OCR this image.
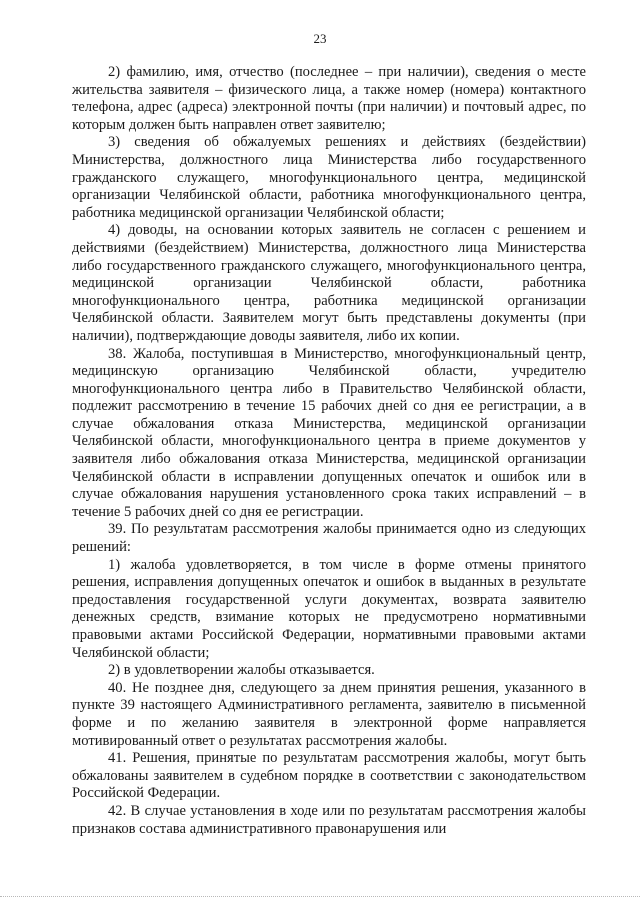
23

2) фамилию, имя, отчество (последнее – при наличии), сведения о месте жительства заявителя – физического лица, а также номер (номера) контактного телефона, адрес (адреса) электронной почты (при наличии) и почтовый адрес, по которым должен быть направлен ответ заявителю;

3) сведения об обжалуемых решениях и действиях (бездействии) Министерства, должностного лица Министерства либо государственного гражданского служащего, многофункционального центра, медицинской организации Челябинской области, работника многофункционального центра, работника медицинской организации Челябинской области;

4) доводы, на основании которых заявитель не согласен с решением и действиями (бездействием) Министерства, должностного лица Министерства либо государственного гражданского служащего, многофункционального центра, медицинской организации Челябинской области, работника многофункционального центра, работника медицинской организации Челябинской области. Заявителем могут быть представлены документы (при наличии), подтверждающие доводы заявителя, либо их копии.

38. Жалоба, поступившая в Министерство, многофункциональный центр, медицинскую организацию Челябинской области, учредителю многофункционального центра либо в Правительство Челябинской области, подлежит рассмотрению в течение 15 рабочих дней со дня ее регистрации, а в случае обжалования отказа Министерства, медицинской организации Челябинской области, многофункционального центра в приеме документов у заявителя либо обжалования отказа Министерства, медицинской организации Челябинской области в исправлении допущенных опечаток и ошибок или в случае обжалования нарушения установленного срока таких исправлений – в течение 5 рабочих дней со дня ее регистрации.

39. По результатам рассмотрения жалобы принимается одно из следующих решений:

1) жалоба удовлетворяется, в том числе в форме отмены принятого решения, исправления допущенных опечаток и ошибок в выданных в результате предоставления государственной услуги документах, возврата заявителю денежных средств, взимание которых не предусмотрено нормативными правовыми актами Российской Федерации, нормативными правовыми актами Челябинской области;

2) в удовлетворении жалобы отказывается.

40. Не позднее дня, следующего за днем принятия решения, указанного в пункте 39 настоящего Административного регламента, заявителю в письменной форме и по желанию заявителя в электронной форме направляется мотивированный ответ о результатах рассмотрения жалобы.

41. Решения, принятые по результатам рассмотрения жалобы, могут быть обжалованы заявителем в судебном порядке в соответствии с законодательством Российской Федерации.

42. В случае установления в ходе или по результатам рассмотрения жалобы признаков состава административного правонарушения или
